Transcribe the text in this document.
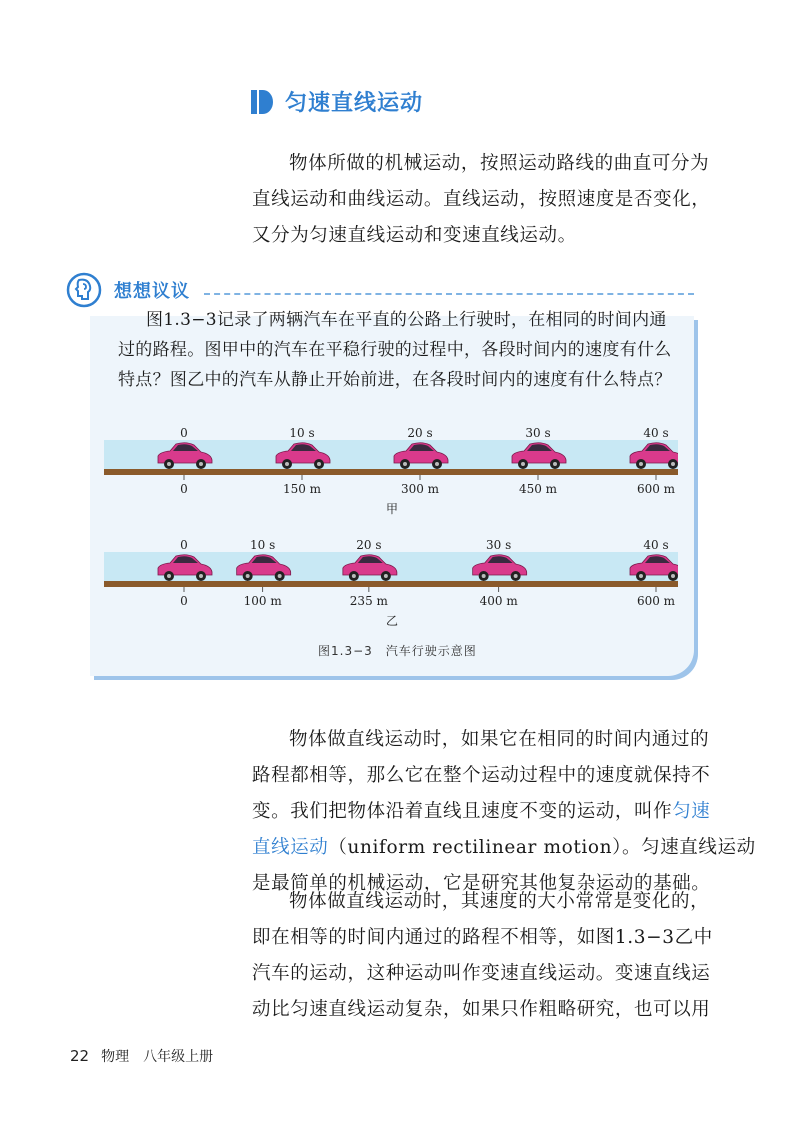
匀速直线运动
物体所做的机械运动，按照运动路线的曲直可分为
直线运动和曲线运动。直线运动，按照速度是否变化，
又分为匀速直线运动和变速直线运动。
想想议议
图1.3−3记录了两辆汽车在平直的公路上行驶时，在相同的时间内通
过的路程。图甲中的汽车在平稳行驶的过程中，各段时间内的速度有什么
特点？图乙中的汽车从静止开始前进，在各段时间内的速度有什么特点？
0
0
10 s
150 m
20 s
300 m
30 s
450 m
40 s
600 m
甲
0
0
10 s
100 m
20 s
235 m
30 s
400 m
40 s
600 m
乙
图1.3−3　汽车行驶示意图
物体做直线运动时，如果它在相同的时间内通过的
路程都相等，那么它在整个运动过程中的速度就保持不
变。我们把物体沿着直线且速度不变的运动，叫作匀速
直线运动（uniform rectilinear motion）。匀速直线运动
是最简单的机械运动，它是研究其他复杂运动的基础。
物体做直线运动时，其速度的大小常常是变化的，
即在相等的时间内通过的路程不相等，如图1.3−3乙中
汽车的运动，这种运动叫作变速直线运动。变速直线运
动比匀速直线运动复杂，如果只作粗略研究，也可以用
22 物理 八年级上册
